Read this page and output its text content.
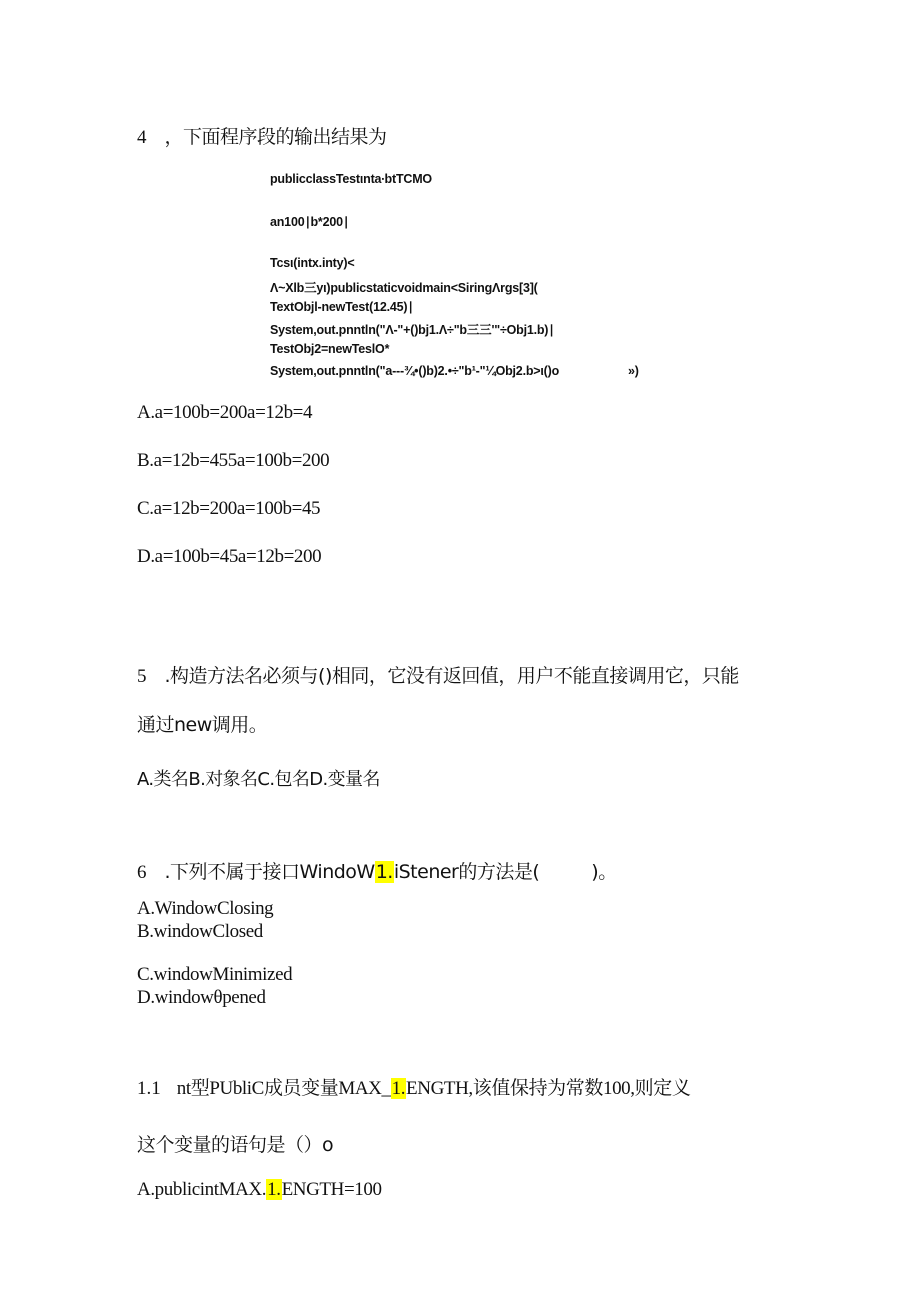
4 ，下面程序段的输出结果为
publicclassTestιnta∙btTCMO
an100∣b*200∣
Tcsι(intx.inty)<
Λ~Xlb三yι)publicstaticvoidmain<SiringΛrgs[3](
TextObjl-newTest(12.45)∣
System,out.pnntln("Λ-"+()bj1.Λ÷"b三三'"÷Obj1.b)∣
TestObj2=newTeslO*
System,out.pnntln("a---¾•()b)2.•÷"b¹-"¼Obj2.b>ι()o	»)
A.a=100b=200a=12b=4
B.a=12b=455a=100b=200
C.a=12b=200a=100b=45
D.a=100b=45a=12b=200
5 .构造方法名必须与()相同，它没有返回值，用户不能直接调用它，只能
通过new调用。
A.类名B.对象名C.包名D.变量名
6 .下列不属于接口WindoW1.iStener的方法是(	)。
A.WindowClosing
B.windowClosed
C.windowMinimized
D.windowθpened
1.1 nt型PUbliC成员变量MAX_1.ENGTH,该值保持为常数100,则定义
这个变量的语句是（）o
A.publicintMAX.1.ENGTH=100
